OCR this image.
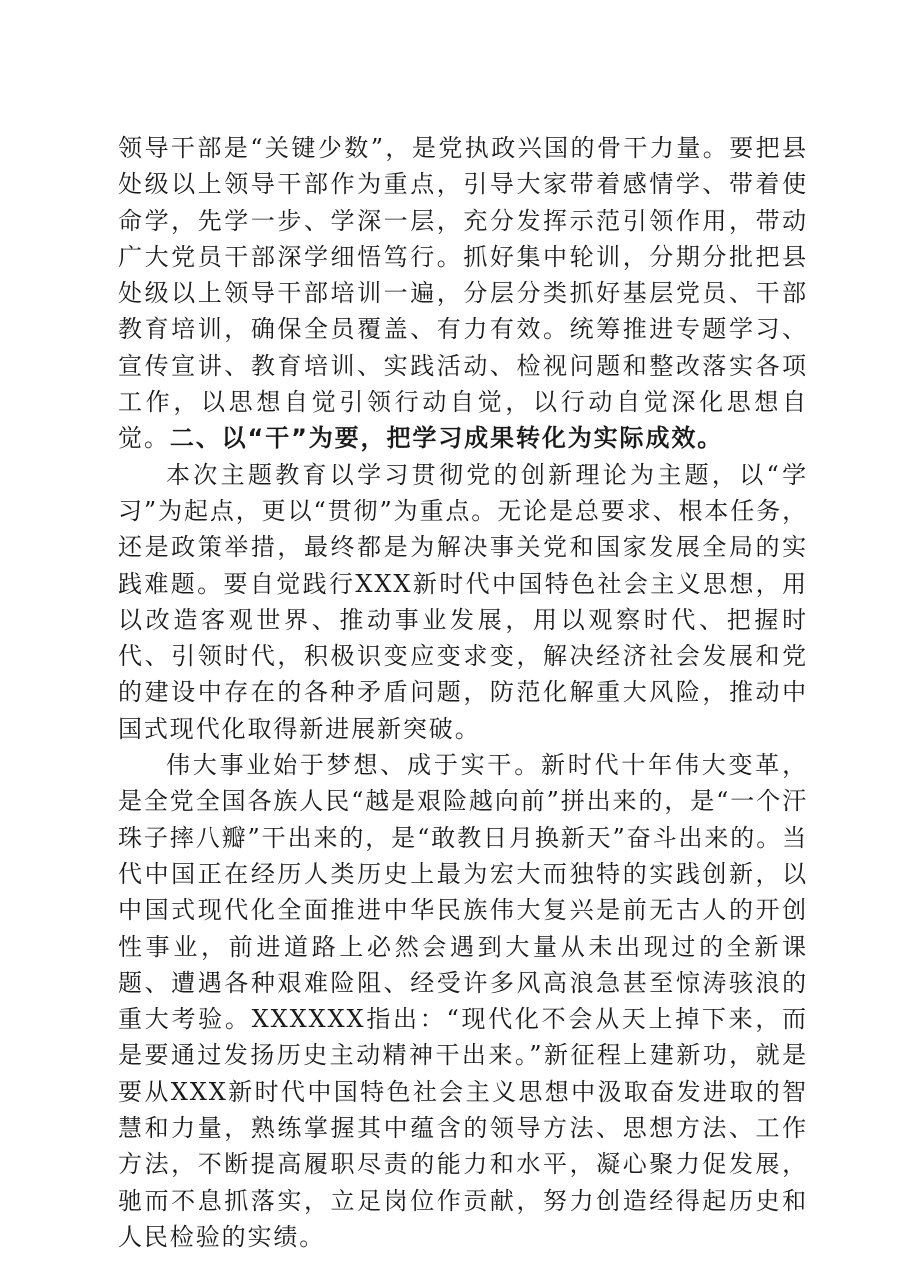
领导干部是“关键少数”，是党执政兴国的骨干力量。要把县处级以上领导干部作为重点，引导大家带着感情学、带着使命学，先学一步、学深一层，充分发挥示范引领作用，带动广大党员干部深学细悟笃行。抓好集中轮训，分期分批把县处级以上领导干部培训一遍，分层分类抓好基层党员、干部教育培训，确保全员覆盖、有力有效。统筹推进专题学习、宣传宣讲、教育培训、实践活动、检视问题和整改落实各项工作，以思想自觉引领行动自觉，以行动自觉深化思想自觉。二、以“干”为要，把学习成果转化为实际成效。

本次主题教育以学习贯彻党的创新理论为主题，以“学习”为起点，更以“贯彻”为重点。无论是总要求、根本任务，还是政策举措，最终都是为解决事关党和国家发展全局的实践难题。要自觉践行XXX新时代中国特色社会主义思想，用以改造客观世界、推动事业发展，用以观察时代、把握时代、引领时代，积极识变应变求变，解决经济社会发展和党的建设中存在的各种矛盾问题，防范化解重大风险，推动中国式现代化取得新进展新突破。

伟大事业始于梦想、成于实干。新时代十年伟大变革，是全党全国各族人民“越是艰险越向前”拼出来的，是“一个汗珠子摔八瓣”干出来的，是“敢教日月换新天”奋斗出来的。当代中国正在经历人类历史上最为宏大而独特的实践创新，以中国式现代化全面推进中华民族伟大复兴是前无古人的开创性事业，前进道路上必然会遇到大量从未出现过的全新课题、遭遇各种艰难险阻、经受许多风高浪急甚至惊涛骇浪的重大考验。XXXXXX指出：“现代化不会从天上掉下来，而是要通过发扬历史主动精神干出来。”新征程上建新功，就是要从XXX新时代中国特色社会主义思想中汲取奋发进取的智慧和力量，熟练掌握其中蕴含的领导方法、思想方法、工作方法，不断提高履职尽责的能力和水平，凝心聚力促发展，驰而不息抓落实，立足岗位作贡献，努力创造经得起历史和人民检验的实绩。
